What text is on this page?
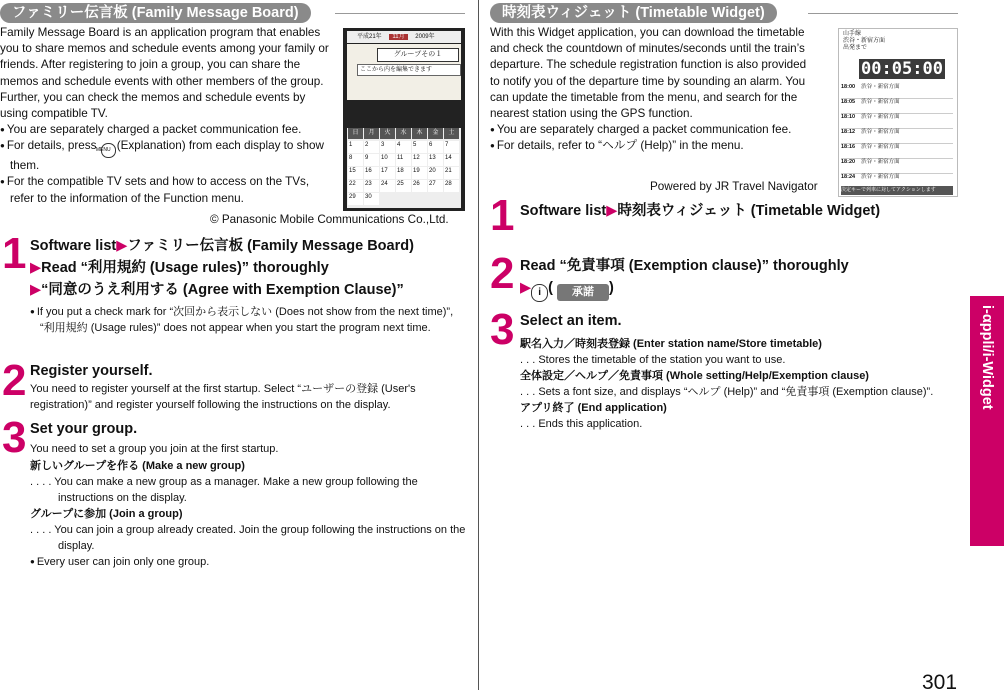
ファミリー伝言板 (Family Message Board)
Family Message Board is an application program that enables you to share memos and schedule events among your family or friends. After registering to join a group, you can share the memos and schedule events with other members of the group. Further, you can check the memos and schedule events by using compatible TV.
● You are separately charged a packet communication fee.
● For details, press MENU (Explanation) from each display to show them.
● For the compatible TV sets and how to access on the TVs, refer to the information of the Function menu.
平成21年 11月 2009年
グループその１
ここから内を編集できます
日	月	火	水	木	金	土
1	2	3	4	5	6	7
8	9	10	11	12	13	14
15	16	17	18	19	20	21
22	23	24	25	26	27	28
29	30
© Panasonic Mobile Communications Co.,Ltd.
1 Software list▶ファミリー伝言板 (Family Message Board)
▶Read “利用規約 (Usage rules)” thoroughly
▶“同意のうえ利用する (Agree with Exemption Clause)”
● If you put a check mark for “次回から表示しない (Does not show from the next time)”, “利用規約 (Usage rules)” does not appear when you start the program next time.
2 Register yourself.
You need to register yourself at the first startup. Select “ユーザーの登録 (User's registration)” and register yourself following the instructions on the display.
3 Set your group.
You need to set a group you join at the first startup.
新しいグループを作る (Make a new group)
. . . . You can make a new group as a manager. Make a new group following the instructions on the display.
グループに参加 (Join a group)
. . . . You can join a group already created. Join the group following the instructions on the display.
● Every user can join only one group.
時刻表ウィジェット (Timetable Widget)
With this Widget application, you can download the timetable and check the countdown of minutes/seconds until the train’s departure. The schedule registration function is also provided to notify you of the departure time by sounding an alarm. You can update the timetable from the menu, and search for the nearest station using the GPS function.
● You are separately charged a packet communication fee.
● For details, refer to “ヘルプ (Help)” in the menu.
Powered by JR Travel Navigator
山手線
渋谷・新宿方面
出発まで
00:05:00
18:00 渋谷・新宿方面
18:05 渋谷・新宿方面
18:10 渋谷・新宿方面
18:12 渋谷・新宿方面
18:16 渋谷・新宿方面
18:20 渋谷・新宿方面
18:24 渋谷・新宿方面
決定キーで列車に対してアクションします
1 Software list▶時刻表ウィジェット (Timetable Widget)
2 Read “免責事項 (Exemption clause)” thoroughly
▶ i ( 承諾 )
3 Select an item.
駅名入力／時刻表登録 (Enter station name/Store timetable)
. . . Stores the timetable of the station you want to use.
全体設定／ヘルプ／免責事項 (Whole setting/Help/Exemption clause)
. . . Sets a font size, and displays “ヘルプ (Help)” and “免責事項 (Exemption clause)”.
アプリ終了 (End application)
. . . Ends this application.
i-αppli/i-Widget
301
